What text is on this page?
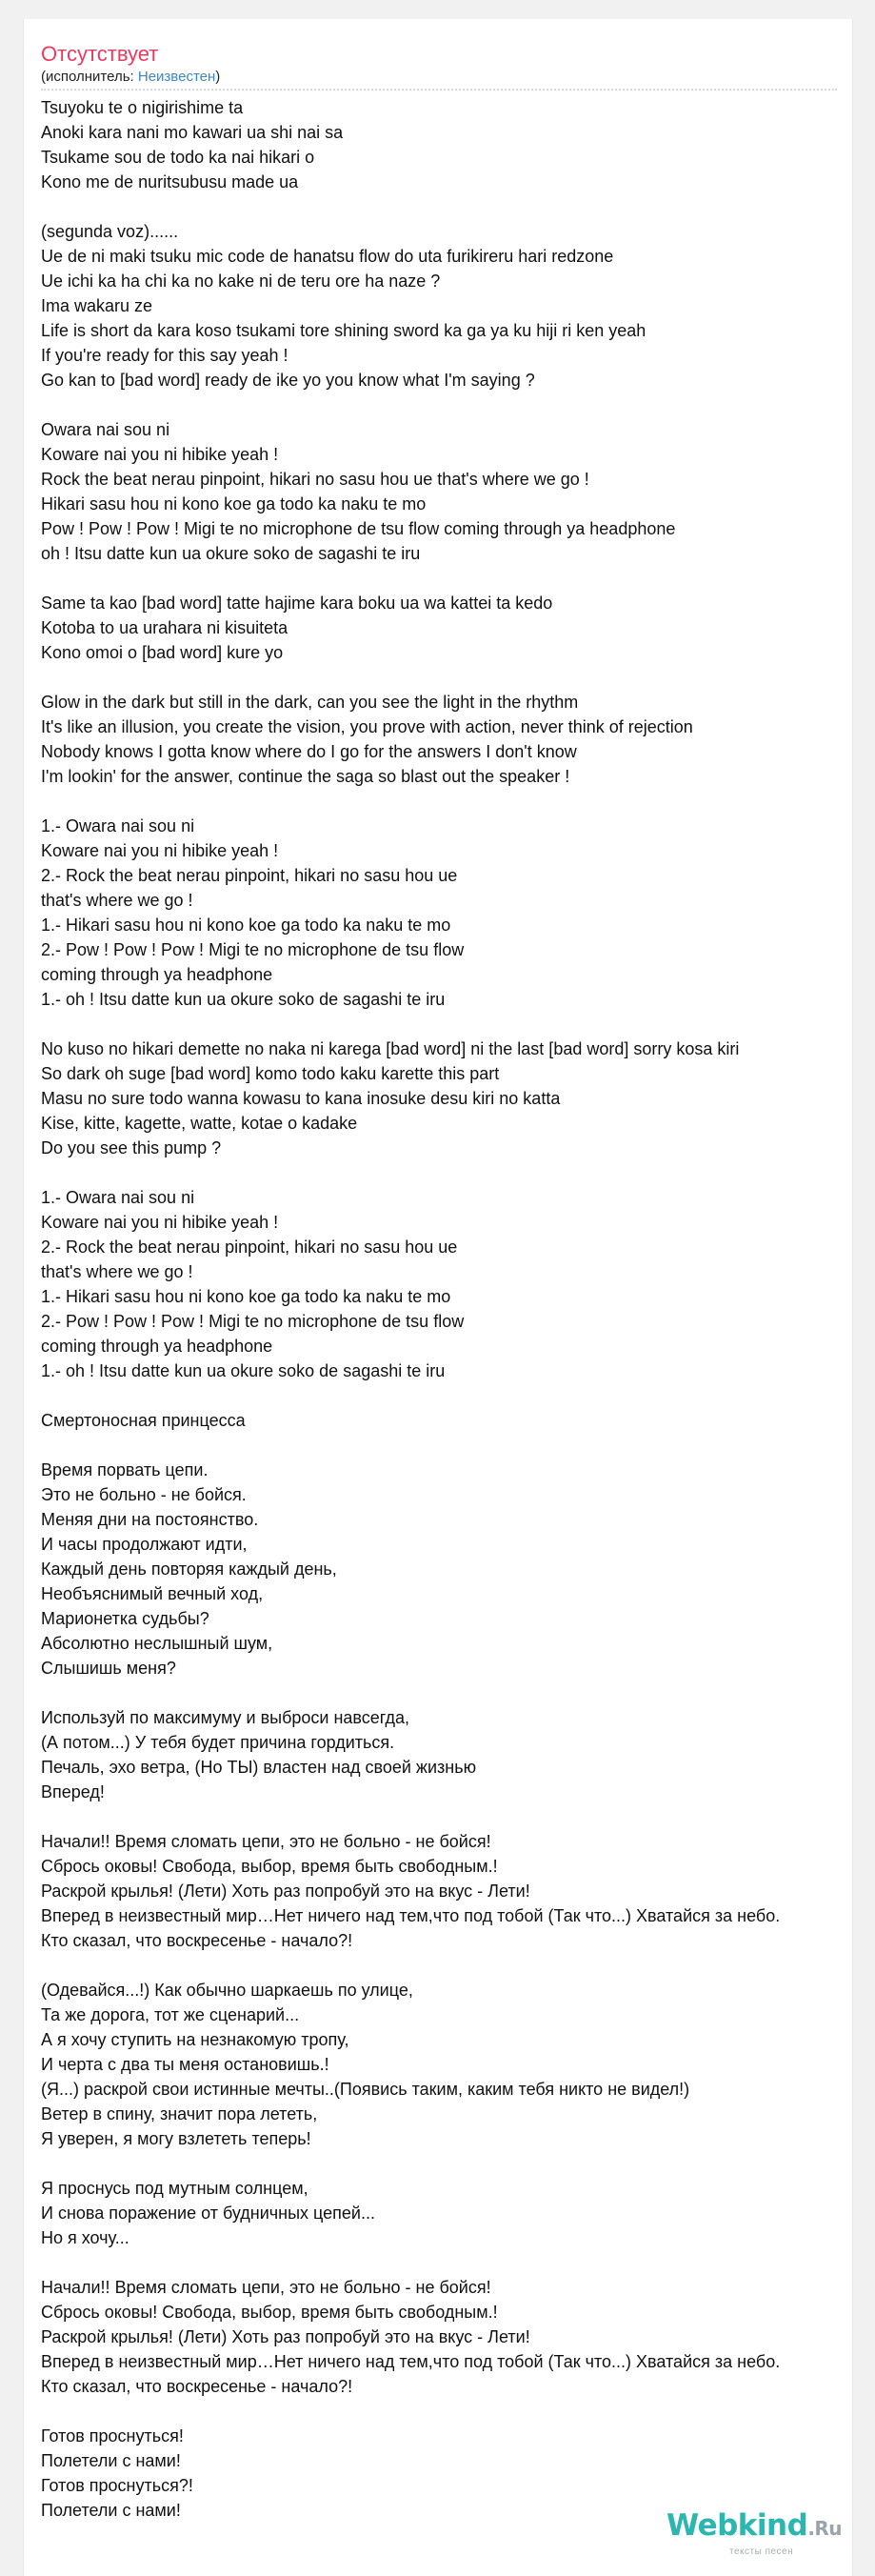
Отсутствует
(исполнитель: Неизвестен)
Tsuyoku te o nigirishime ta
Anoki kara nani mo kawari ua shi nai sa
Tsukame sou de todo ka nai hikari o
Kono me de nuritsubusu made ua

(segunda voz)......
Ue de ni maki tsuku mic code de hanatsu flow do uta furikireru hari redzone
Ue ichi ka ha chi ka no kake ni de teru ore ha naze ?
Ima wakaru ze
Life is short da kara koso tsukami tore shining sword ka ga ya ku hiji ri ken yeah
If you're ready for this say yeah !
Go kan to [bad word] ready de ike yo you know what I'm saying ?

Owara nai sou ni
Koware nai you ni hibike yeah !
Rock the beat nerau pinpoint, hikari no sasu hou ue that's where we go !
Hikari sasu hou ni kono koe ga todo ka naku te mo
Pow ! Pow ! Pow ! Migi te no microphone de tsu flow coming through ya headphone
oh ! Itsu datte kun ua okure soko de sagashi te iru

Same ta kao [bad word] tatte hajime kara boku ua wa kattei ta kedo
Kotoba to ua urahara ni kisuiteta
Kono omoi o [bad word] kure yo

Glow in the dark but still in the dark, can you see the light in the rhythm
It's like an illusion, you create the vision, you prove with action, never think of rejection
Nobody knows I gotta know where do I go for the answers I don't know
I'm lookin' for the answer, continue the saga so blast out the speaker !

1.- Owara nai sou ni
Koware nai you ni hibike yeah !
2.- Rock the beat nerau pinpoint, hikari no sasu hou ue
that's where we go !
1.- Hikari sasu hou ni kono koe ga todo ka naku te mo
2.- Pow ! Pow ! Pow ! Migi te no microphone de tsu flow
coming through ya headphone
1.- oh ! Itsu datte kun ua okure soko de sagashi te iru

No kuso no hikari demette no naka ni karega [bad word] ni the last [bad word] sorry kosa kiri
So dark oh suge [bad word] komo todo kaku karette this part
Masu no sure todo wanna kowasu to kana inosuke desu kiri no katta
Kise, kitte, kagette, watte, kotae o kadake
Do you see this pump ?

1.- Owara nai sou ni
Koware nai you ni hibike yeah !
2.- Rock the beat nerau pinpoint, hikari no sasu hou ue
that's where we go !
1.- Hikari sasu hou ni kono koe ga todo ka naku te mo
2.- Pow ! Pow ! Pow ! Migi te no microphone de tsu flow
coming through ya headphone
1.- oh ! Itsu datte kun ua okure soko de sagashi te iru

Смертоносная принцесса

Время порвать цепи.
Это не больно - не бойся.
Меняя дни на постоянство.
И часы продолжают идти,
Каждый день повторяя каждый день,
Необъяснимый вечный ход,
Марионетка судьбы?
Абсолютно неслышный шум,
Слышишь меня?

Используй по максимуму и выброси навсегда,
(А потом...) У тебя будет причина гордиться.
Печаль, эхо ветра, (Но ТЫ) властен над своей жизнью
Вперед!

Начали!! Время сломать цепи, это не больно - не бойся!
Сбрось оковы! Свобода, выбор, время быть свободным.!
Раскрой крылья! (Лети) Хоть раз попробуй это на вкус - Лети!
Вперед в неизвестный мир…Нет ничего над тем,что под тобой (Так что...) Хватайся за небо.
Кто сказал, что воскресенье - начало?!

(Одевайся...!) Как обычно шаркаешь по улице,
Та же дорога, тот же сценарий...
А я хочу ступить на незнакомую тропу,
И черта с два ты меня остановишь.!
(Я...) раскрой свои истинные мечты..(Появись таким, каким тебя никто не видел!)
Ветер в спину, значит пора лететь,
Я уверен, я могу взлететь теперь!

Я проснусь под мутным солнцем,
И снова поражение от будничных цепей...
Но я хочу...

Начали!! Время сломать цепи, это не больно - не бойся!
Сбрось оковы! Свобода, выбор, время быть свободным.!
Раскрой крылья! (Лети) Хоть раз попробуй это на вкус - Лети!
Вперед в неизвестный мир…Нет ничего над тем,что под тобой (Так что...) Хватайся за небо.
Кто сказал, что воскресенье - начало?!

Готов проснуться!
Полетели с нами!
Готов проснуться?!
Полетели с нами!	Webkind.Ru
тексты песен
